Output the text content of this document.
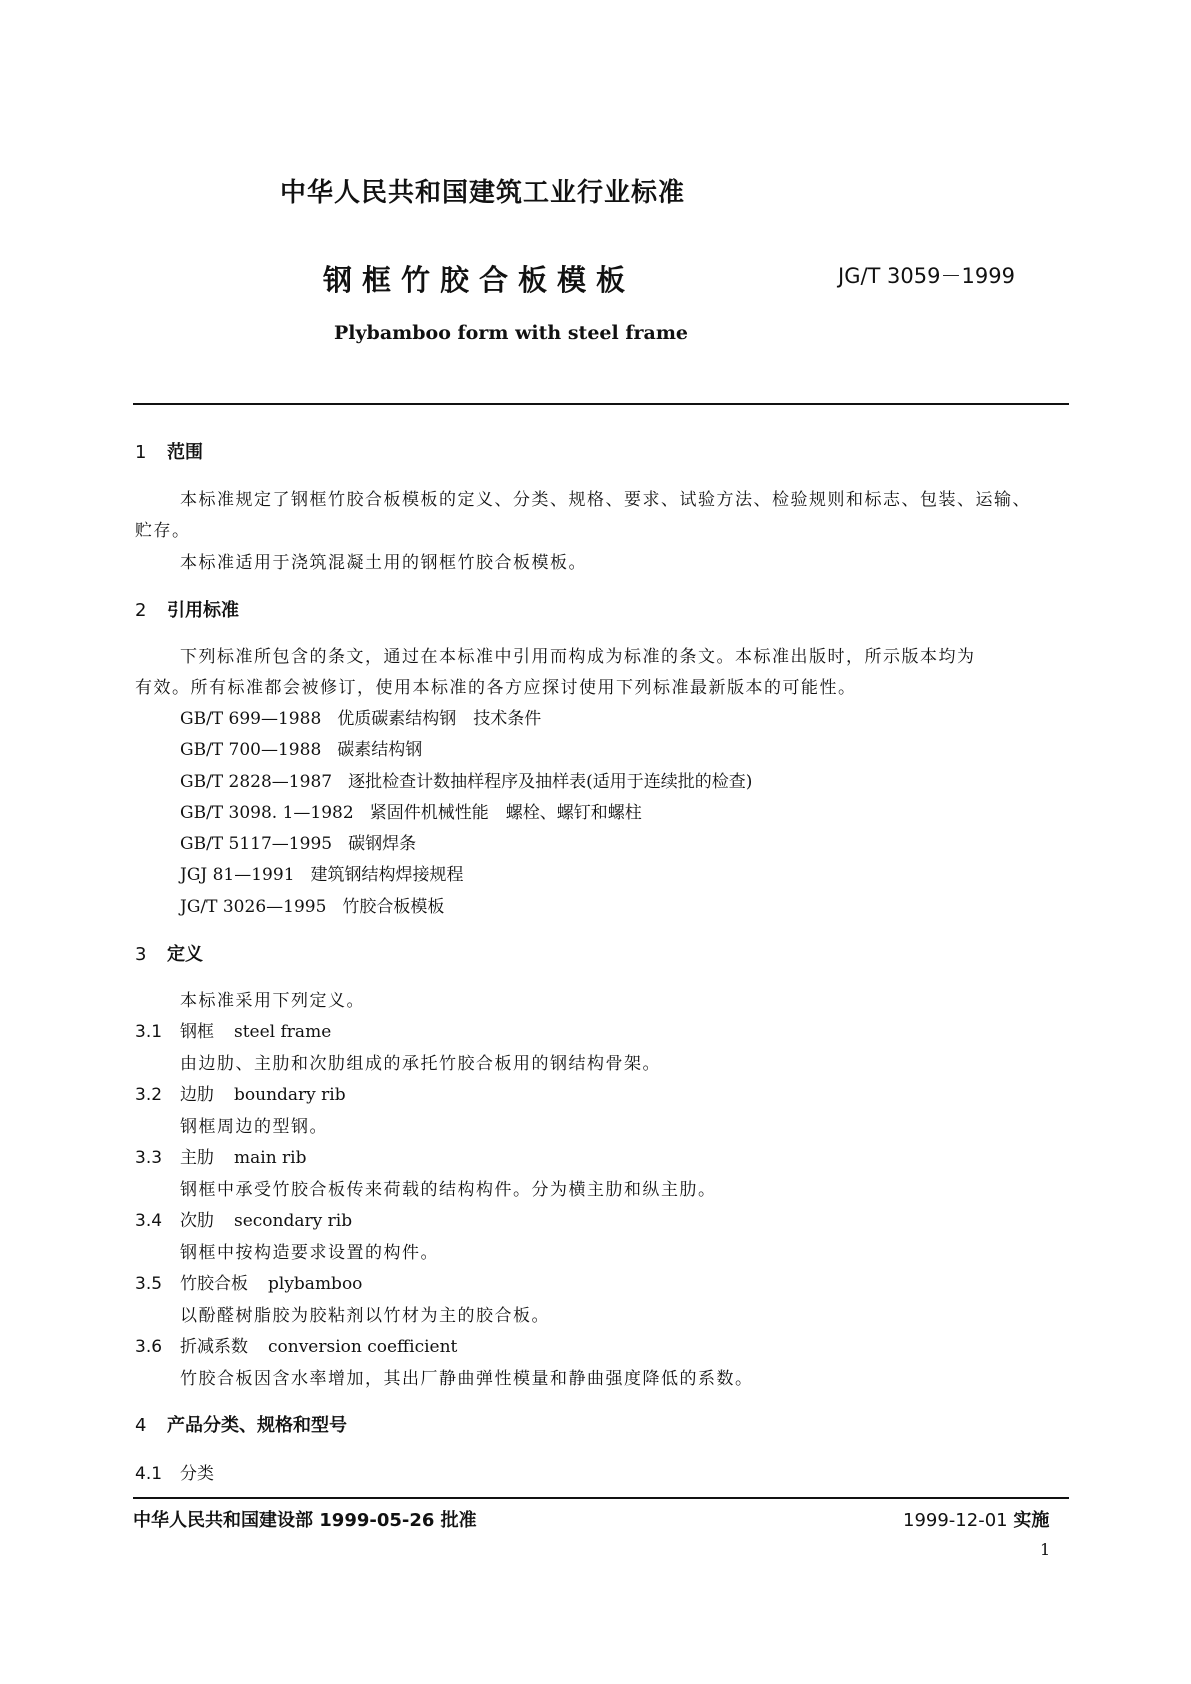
中华人民共和国建筑工业行业标准
钢框竹胶合板模板	JG/T 3059－1999
Plybamboo form with steel frame
1 范围
本标准规定了钢框竹胶合板模板的定义、分类、规格、要求、试验方法、检验规则和标志、包装、运输、
贮存。
本标准适用于浇筑混凝土用的钢框竹胶合板模板。
2 引用标准
下列标准所包含的条文，通过在本标准中引用而构成为标准的条文。本标准出版时，所示版本均为
有效。所有标准都会被修订，使用本标准的各方应探讨使用下列标准最新版本的可能性。
GB/T 699—1988 优质碳素结构钢　技术条件
GB/T 700—1988 碳素结构钢
GB/T 2828—1987 逐批检查计数抽样程序及抽样表(适用于连续批的检查)
GB/T 3098. 1—1982 紧固件机械性能　螺栓、螺钉和螺柱
GB/T 5117—1995 碳钢焊条
JGJ 81—1991 建筑钢结构焊接规程
JG/T 3026—1995 竹胶合板模板
3 定义
本标准采用下列定义。
3.1 钢框 steel frame
由边肋、主肋和次肋组成的承托竹胶合板用的钢结构骨架。
3.2 边肋 boundary rib
钢框周边的型钢。
3.3 主肋 main rib
钢框中承受竹胶合板传来荷载的结构构件。分为横主肋和纵主肋。
3.4 次肋 secondary rib
钢框中按构造要求设置的构件。
3.5 竹胶合板 plybamboo
以酚醛树脂胶为胶粘剂以竹材为主的胶合板。
3.6 折减系数 conversion coefficient
竹胶合板因含水率增加，其出厂静曲弹性模量和静曲强度降低的系数。
4 产品分类、规格和型号
4.1 分类
中华人民共和国建设部 1999-05-26 批准	1999-12-01 实施
1
